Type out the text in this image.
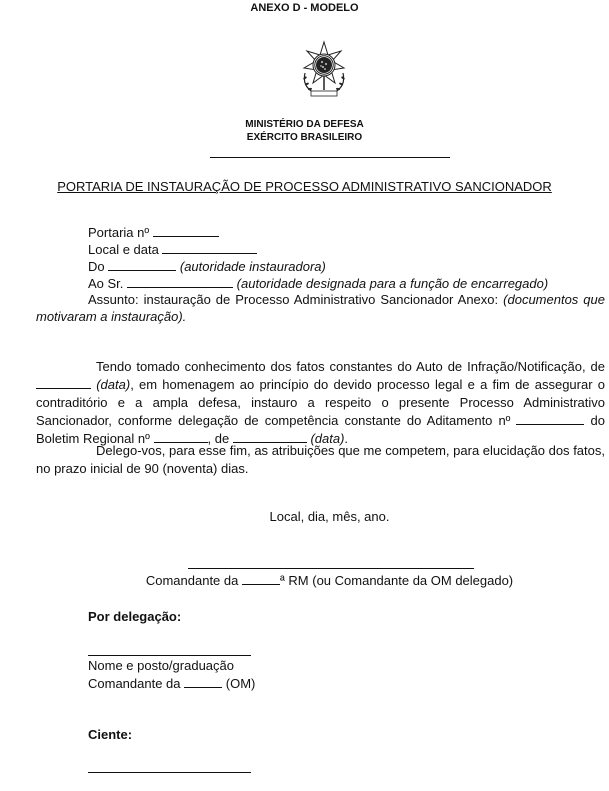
ANEXO D - MODELO
MINISTÉRIO DA DEFESA
EXÉRCITO BRASILEIRO
PORTARIA DE INSTAURAÇÃO DE PROCESSO ADMINISTRATIVO SANCIONADOR
Portaria nº
Local e data
Do	(autoridade instauradora)
Ao Sr.	(autoridade designada para a função de encarregado)
Assunto: instauração de Processo Administrativo Sancionador Anexo: (documentos que motivaram a instauração).
Tendo tomado conhecimento dos fatos constantes do Auto de Infração/Notificação, de  (data), em homenagem ao princípio do devido processo legal e a fim de assegurar o contraditório e a ampla defesa, instauro a respeito o presente Processo Administrativo Sancionador, conforme delegação de competência constante do Aditamento nº	do Boletim Regional nº	, de	(data).
Delego-vos, para esse fim, as atribuições que me competem, para elucidação dos fatos, no prazo inicial de 90 (noventa) dias.
Local, dia, mês, ano.
Comandante da	ª RM (ou Comandante da OM delegado)
Por delegação:
Nome e posto/graduação
Comandante da	(OM)
Ciente:
